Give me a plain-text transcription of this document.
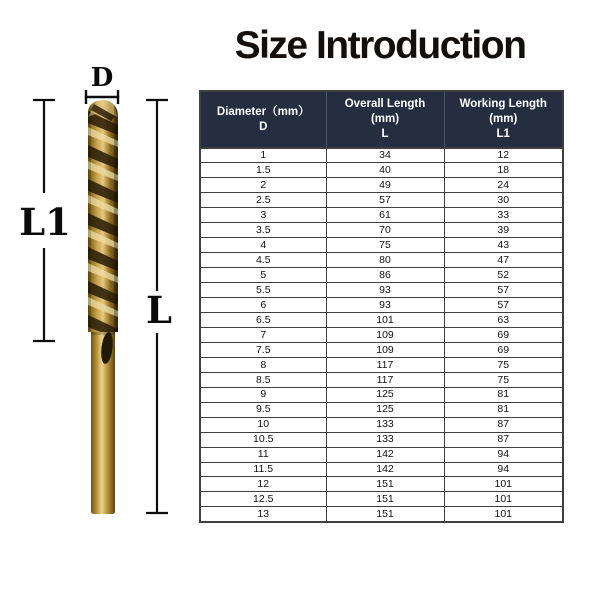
Size Introduction
D
L1
L
Diameter（mm）
D

Overall Length
(mm)
L

Working Length
(mm)
L1

1	34	12
1.5	40	18
2	49	24
2.5	57	30
3	61	33
3.5	70	39
4	75	43
4.5	80	47
5	86	52
5.5	93	57
6	93	57
6.5	101	63
7	109	69
7.5	109	69
8	117	75
8.5	117	75
9	125	81
9.5	125	81
10	133	87
10.5	133	87
11	142	94
11.5	142	94
12	151	101
12.5	151	101
13	151	101
